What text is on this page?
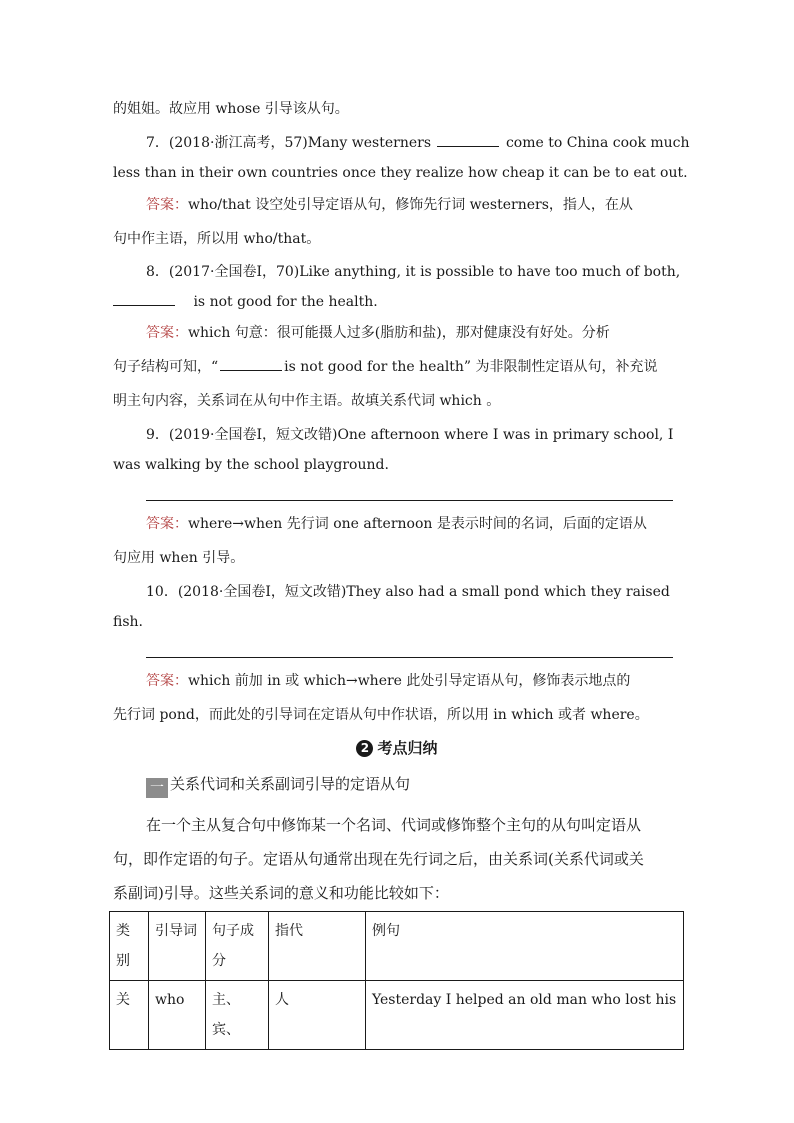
的姐姐。故应用 whose 引导该从句。
7．(2018·浙江高考，57)Many westerners	come to China cook much
less than in their own countries once they realize how cheap it can be to eat out.
答案：who/that 设空处引导定语从句，修饰先行词 westerners，指人，在从
句中作主语，所以用 who/that。
8．(2017·全国卷Ⅰ，70)Like anything, it is possible to have too much of both,
is not good for the health.
答案：which 句意：很可能摄人过多(脂肪和盐)，那对健康没有好处。分析
句子结构可知，“	is not good for the health” 为非限制性定语从句，补充说
明主句内容，关系词在从句中作主语。故填关系代词 which 。
9．(2019·全国卷Ⅰ，短文改错)One afternoon where I was in primary school, I
was walking by the school playground.
答案：where→when 先行词 one afternoon 是表示时间的名词，后面的定语从
句应用 when 引导。
10．(2018·全国卷Ⅰ，短文改错)They also had a small pond which they raised
fish.
答案：which 前加 in 或 which→where 此处引导定语从句，修饰表示地点的
先行词 pond，而此处的引导词在定语从句中作状语，所以用 in which 或者 where。
2 考点归纳
一 关系代词和关系副词引导的定语从句
在一个主从复合句中修饰某一个名词、代词或修饰整个主句的从句叫定语从
句，即作定语的句子。定语从句通常出现在先行词之后，由关系词(关系代词或关
系副词)引导。这些关系词的意义和功能比较如下：
类别	引导词	句子成分	指代	例句
关	who	主、宾、	人	Yesterday I helped an old man who lost his
